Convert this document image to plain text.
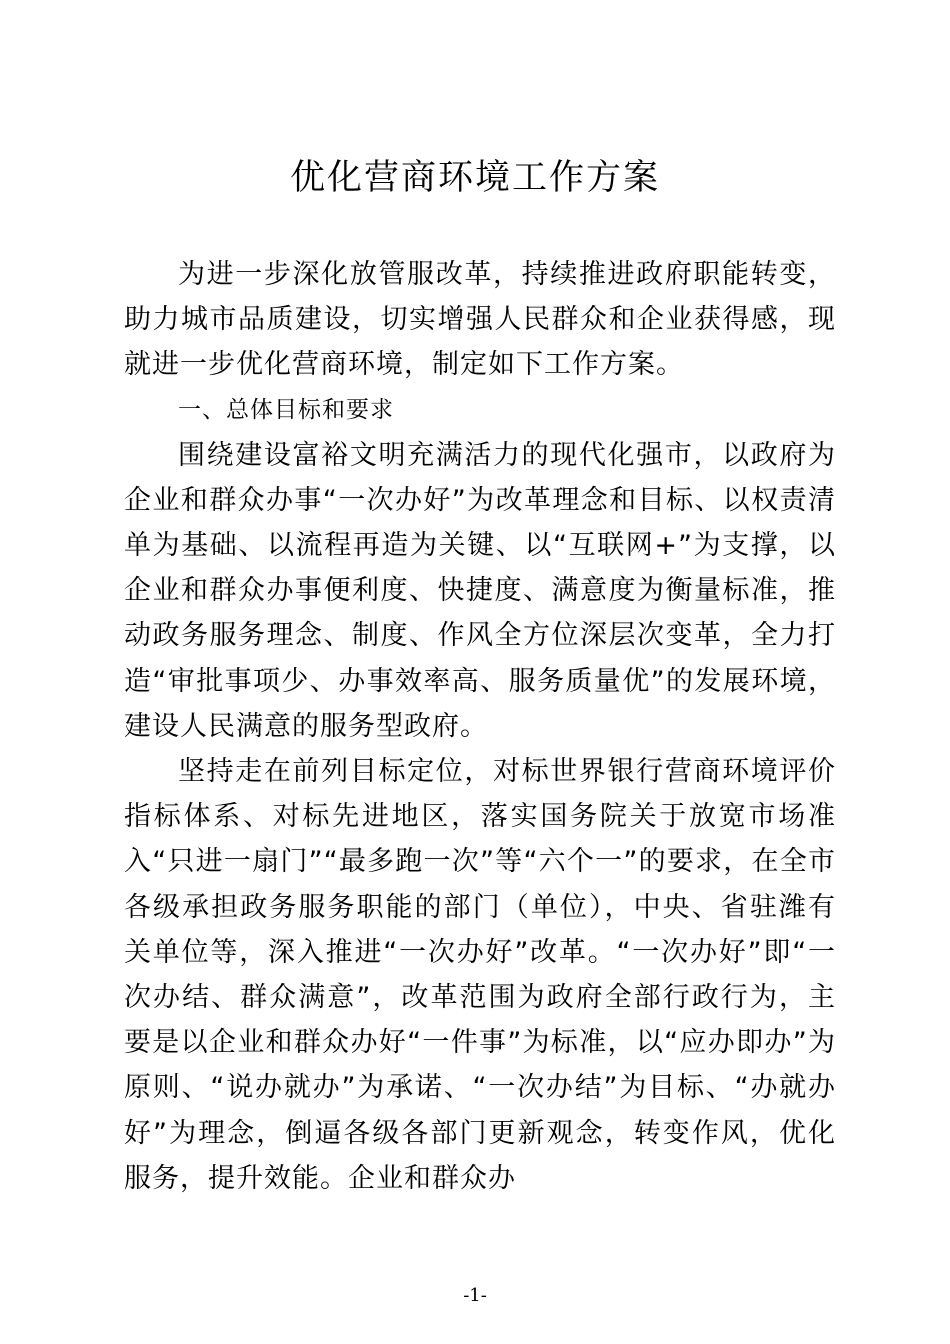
优化营商环境工作方案

为进一步深化放管服改革，持续推进政府职能转变，助力城市品质建设，切实增强人民群众和企业获得感，现就进一步优化营商环境，制定如下工作方案。

一、总体目标和要求

围绕建设富裕文明充满活力的现代化强市，以政府为企业和群众办事“一次办好”为改革理念和目标、以权责清单为基础、以流程再造为关键、以“互联网+”为支撑，以企业和群众办事便利度、快捷度、满意度为衡量标准，推动政务服务理念、制度、作风全方位深层次变革，全力打造“审批事项少、办事效率高、服务质量优”的发展环境，建设人民满意的服务型政府。

坚持走在前列目标定位，对标世界银行营商环境评价指标体系、对标先进地区，落实国务院关于放宽市场准入“只进一扇门”“最多跑一次”等“六个一”的要求，在全市各级承担政务服务职能的部门（单位），中央、省驻潍有关单位等，深入推进“一次办好”改革。“一次办好”即“一次办结、群众满意”，改革范围为政府全部行政行为，主要是以企业和群众办好“一件事”为标准，以“应办即办”为原则、“说办就办”为承诺、“一次办结”为目标、“办就办好”为理念，倒逼各级各部门更新观念，转变作风，优化服务，提升效能。企业和群众办

-1-
